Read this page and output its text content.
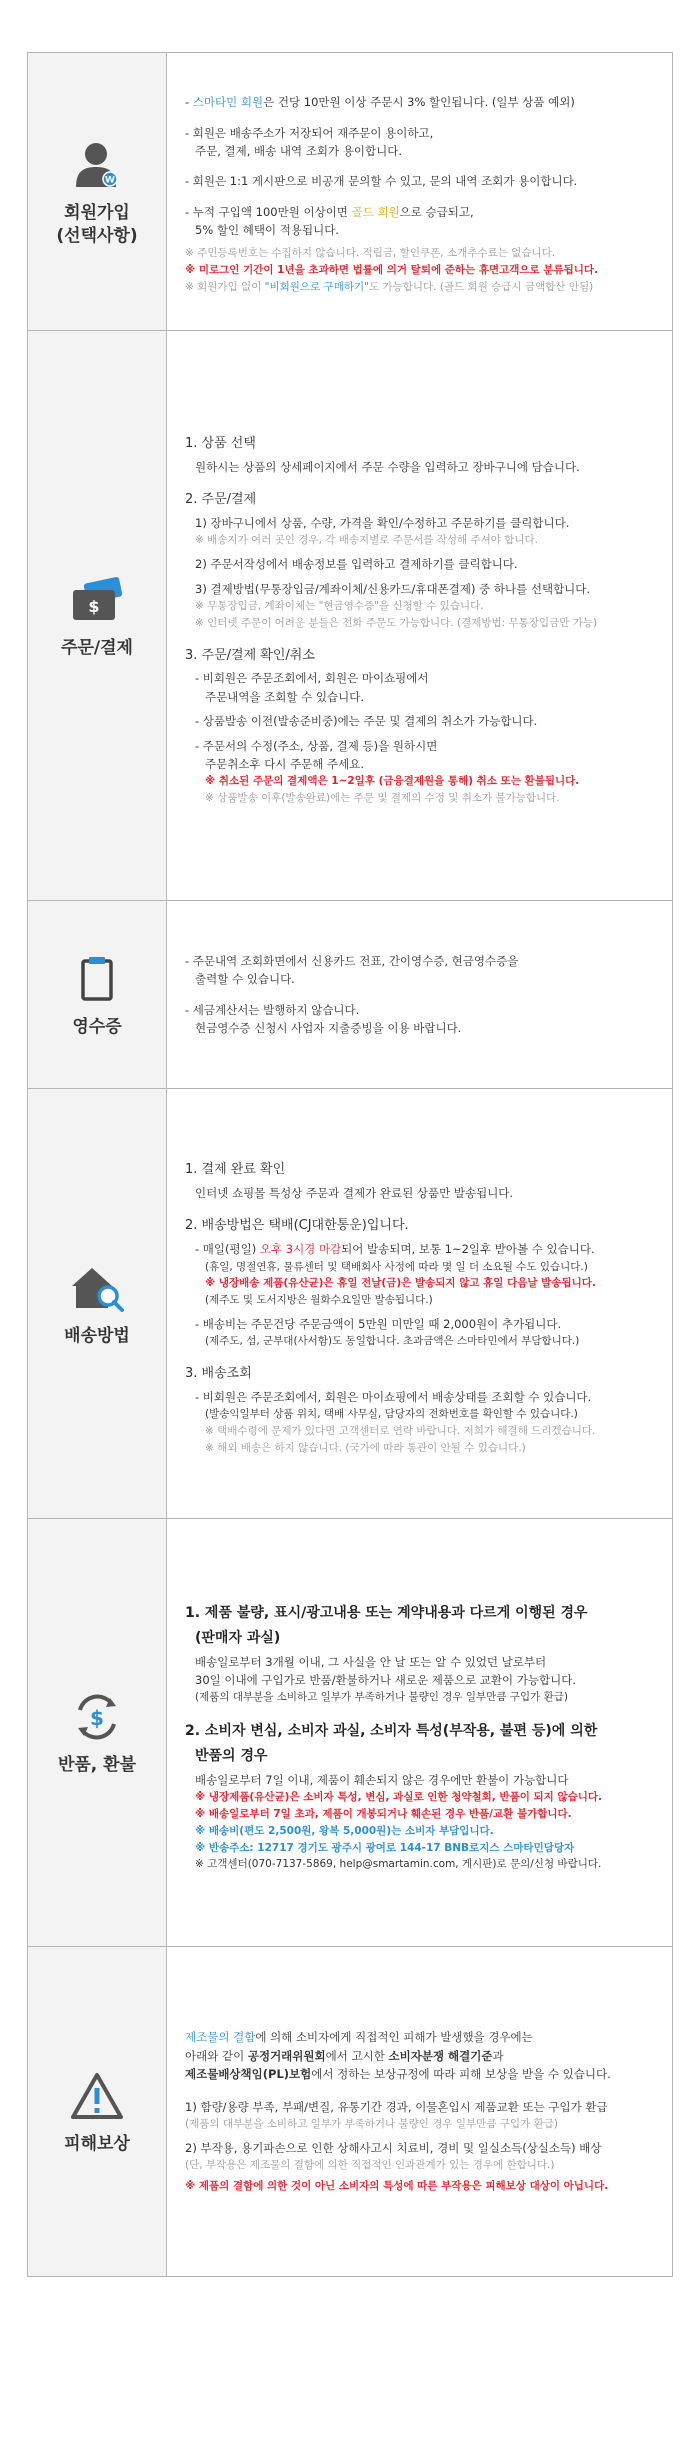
W
회원가입
(선택사항)
- 스마타민 회원은 건당 10만원 이상 주문시 3% 할인됩니다. (일부 상품 예외)
- 회원은 배송주소가 저장되어 재주문이 용이하고,
주문, 결제, 배송 내역 조회가 용이합니다.
- 회원은 1:1 게시판으로 비공개 문의할 수 있고, 문의 내역 조회가 용이합니다.
- 누적 구입액 100만원 이상이면 골드 회원으로 승급되고,
5% 할인 혜택이 적용됩니다.
※ 주민등록번호는 수집하지 않습니다. 적립금, 할인쿠폰, 소개추수료는 없습니다.
※ 미로그인 기간이 1년을 초과하면 법률에 의거 탈퇴에 준하는 휴면고객으로 분류됩니다.
※ 회원가입 없이 "비회원으로 구매하기"도 가능합니다. (골드 회원 승급시 금액합산 안됨)
$
주문/결제
1. 상품 선택
원하시는 상품의 상세페이지에서 주문 수량을 입력하고 장바구니에 담습니다.
2. 주문/결제
1) 장바구니에서 상품, 수량, 가격을 확인/수정하고 주문하기를 클릭합니다.
※ 배송지가 여러 곳인 경우, 각 배송지별로 주문서를 작성해 주셔야 합니다.
2) 주문서작성에서 배송정보를 입력하고 결제하기를 클릭합니다.
3) 결제방법(무통장입금/계좌이체/신용카드/휴대폰결제) 중 하나를 선택합니다.
※ 무통장입금, 계좌이체는 "현금영수증"을 신청할 수 있습니다.
※ 인터넷 주문이 어려운 분들은 전화 주문도 가능합니다. (결제방법: 무통장입금만 가능)
3. 주문/결제 확인/취소
- 비회원은 주문조회에서, 회원은 마이쇼핑에서
주문내역을 조회할 수 있습니다.
- 상품발송 이전(발송준비중)에는 주문 및 결제의 취소가 가능합니다.
- 주문서의 수정(주소, 상품, 결제 등)을 원하시면
주문취소후 다시 주문해 주세요.
※ 취소된 주문의 결제액은 1~2일후 (금융결제원을 통해) 취소 또는 환불됩니다.
※ 상품발송 이후(발송완료)에는 주문 및 결제의 수정 및 취소가 불가능합니다.
영수증
- 주문내역 조회화면에서 신용카드 전표, 간이영수증, 현금영수증을
출력할 수 있습니다.
- 세금계산서는 발행하지 않습니다.
현금영수증 신청시 사업자 지출증빙을 이용 바랍니다.
배송방법
1. 결제 완료 확인
인터넷 쇼핑몰 특성상 주문과 결제가 완료된 상품만 발송됩니다.
2. 배송방법은 택배(CJ대한통운)입니다.
- 매일(평일) 오후 3시경 마감되어 발송되며, 보통 1~2일후 받아볼 수 있습니다.
(휴일, 명절연휴, 물류센터 및 택배회사 사정에 따라 몇 일 더 소요될 수도 있습니다.)
※ 냉장배송 제품(유산균)은 휴일 전날(금)은 발송되지 않고 휴일 다음날 발송됩니다.
(제주도 및 도서지방은 월화수요일만 발송됩니다.)
- 배송비는 주문건당 주문금액이 5만원 미만일 때 2,000원이 추가됩니다.
(제주도, 섬, 군부대(사서함)도 동일합니다. 초과금액은 스마타민에서 부담합니다.)
3. 배송조회
- 비회원은 주문조회에서, 회원은 마이쇼핑에서 배송상태를 조회할 수 있습니다.
(발송익일부터 상품 위치, 택배 사무실, 담당자의 전화번호를 확인할 수 있습니다.)
※ 택배수령에 문제가 있다면 고객센터로 연락 바랍니다. 저희가 해결해 드리겠습니다.
※ 해외 배송은 하지 않습니다. (국가에 따라 통관이 안될 수 있습니다.)
$
반품, 환불
1. 제품 불량, 표시/광고내용 또는 계약내용과 다르게 이행된 경우
(판매자 과실)
배송일로부터 3개월 이내, 그 사실을 안 날 또는 알 수 있었던 날로부터
30일 이내에 구입가로 반품/환불하거나 새로운 제품으로 교환이 가능합니다.
(제품의 대부분을 소비하고 일부가 부족하거나 불량인 경우 일부만큼 구입가 환급)
2. 소비자 변심, 소비자 과실, 소비자 특성(부작용, 불편 등)에 의한
반품의 경우
배송일로부터 7일 이내, 제품이 훼손되지 않은 경우에만 환불이 가능합니다
※ 냉장제품(유산균)은 소비자 특성, 변심, 과실로 인한 청약철회, 반품이 되지 않습니다.
※ 배송일로부터 7일 초과, 제품이 개봉되거나 훼손된 경우 반품/교환 불가합니다.
※ 배송비(편도 2,500원, 왕복 5,000원)는 소비자 부담입니다.
※ 반송주소: 12717 경기도 광주시 광여로 144-17 BNB로지스 스마타민담당자
※ 고객센터(070-7137-5869, help@smartamin.com, 게시판)로 문의/신청 바랍니다.
피해보상
제조물의 결함에 의해 소비자에게 직접적인 피해가 발생했을 경우에는
아래와 같이 공정거래위원회에서 고시한 소비자분쟁 해결기준과
제조물배상책임(PL)보험에서 정하는 보상규정에 따라 피해 보상을 받을 수 있습니다.
1) 함량/용량 부족, 부패/변질, 유통기간 경과, 이물혼입시 제품교환 또는 구입가 환급
(제품의 대부분을 소비하고 일부가 부족하거나 불량인 경우 일부만큼 구입가 환급)
2) 부작용, 용기파손으로 인한 상해사고시 치료비, 경비 및 일실소득(상실소득) 배상
(단, 부작용은 제조물의 결함에 의한 직접적인 인과관계가 있는 경우에 한합니다.)
※ 제품의 결함에 의한 것이 아닌 소비자의 특성에 따른 부작용은 피해보상 대상이 아닙니다.
